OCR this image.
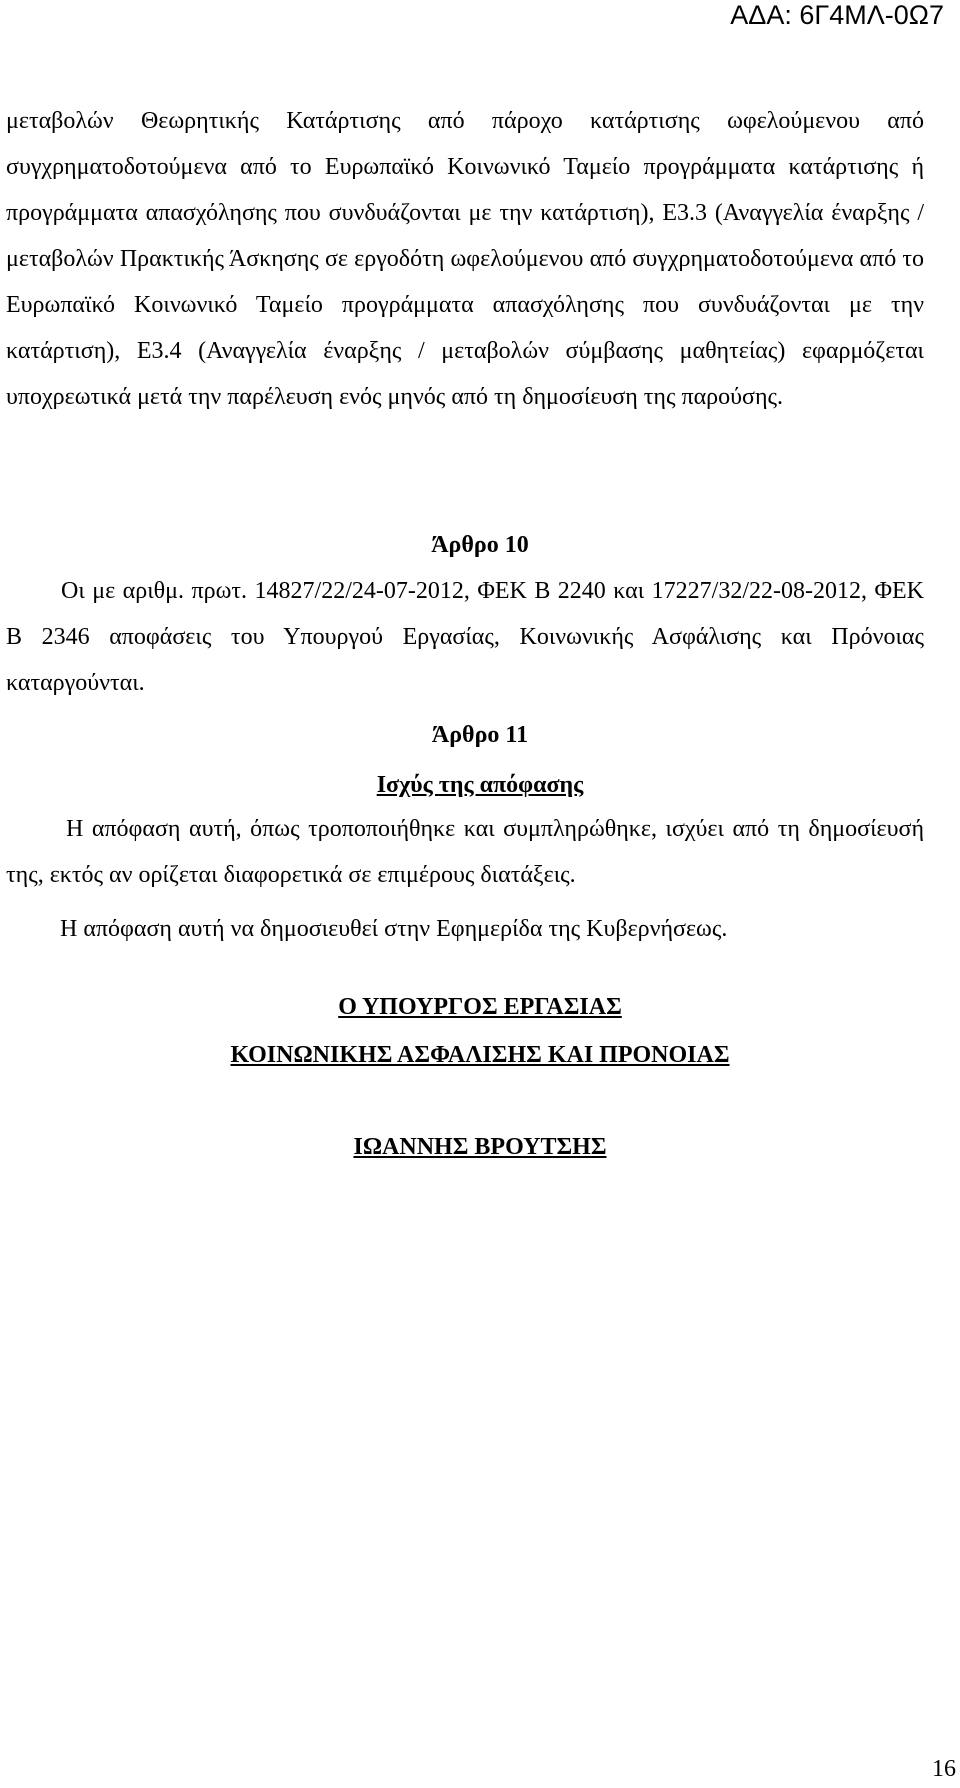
ΑΔΑ: 6Γ4ΜΛ-0Ω7

μεταβολών Θεωρητικής Κατάρτισης από πάροχο κατάρτισης ωφελούμενου από συγχρηματοδοτούμενα από το Ευρωπαϊκό Κοινωνικό Ταμείο προγράμματα κατάρτισης ή προγράμματα απασχόλησης που συνδυάζονται με την κατάρτιση), Ε3.3 (Αναγγελία έναρξης / μεταβολών Πρακτικής Άσκησης σε εργοδότη ωφελούμενου από συγχρηματοδοτούμενα από το Ευρωπαϊκό Κοινωνικό Ταμείο προγράμματα απασχόλησης που συνδυάζονται με την κατάρτιση), Ε3.4 (Αναγγελία έναρξης / μεταβολών σύμβασης μαθητείας) εφαρμόζεται υποχρεωτικά μετά την παρέλευση ενός μηνός από τη δημοσίευση της παρούσης.

Άρθρο 10

Οι με αριθμ. πρωτ. 14827/22/24-07-2012, ΦΕΚ Β 2240 και 17227/32/22-08-2012, ΦΕΚ Β 2346 αποφάσεις του Υπουργού Εργασίας, Κοινωνικής Ασφάλισης και Πρόνοιας καταργούνται.

Άρθρο 11
Ισχύς της απόφασης

Η απόφαση αυτή, όπως τροποποιήθηκε και συμπληρώθηκε, ισχύει από τη δημοσίευσή της, εκτός αν ορίζεται διαφορετικά σε επιμέρους διατάξεις.

Η απόφαση αυτή να δημοσιευθεί στην Εφημερίδα της Κυβερνήσεως.

Ο ΥΠΟΥΡΓΟΣ ΕΡΓΑΣΙΑΣ
ΚΟΙΝΩΝΙΚΗΣ ΑΣΦΑΛΙΣΗΣ ΚΑΙ ΠΡΟΝΟΙΑΣ
ΙΩΑΝΝΗΣ ΒΡΟΥΤΣΗΣ
16
